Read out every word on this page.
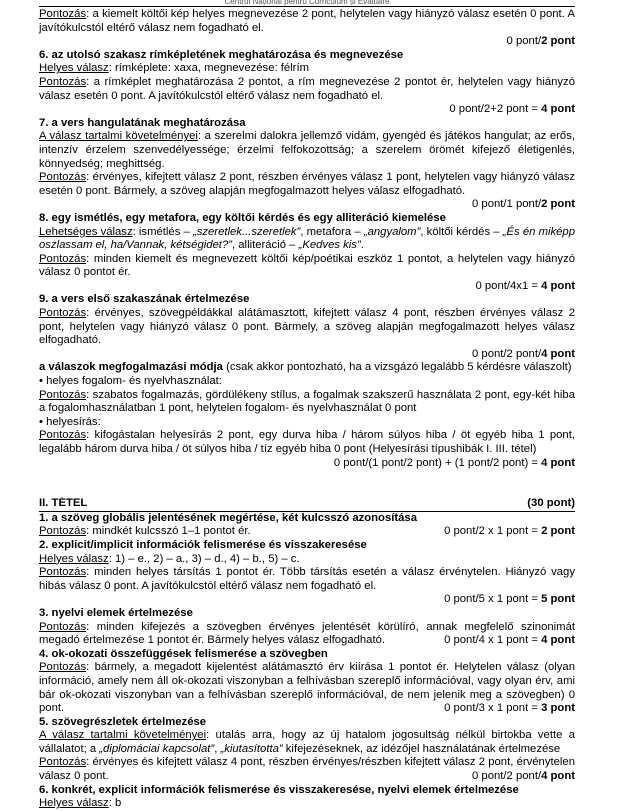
Centrul Național pentru Curriculum și Evaluare

Pontozás: a kiemelt költői kép helyes megnevezése 2 pont, helytelen vagy hiányzó válasz esetén 0 pont. A javítókulcstól eltérő válasz nem fogadható el.

0 pont/2 pont

6. az utolsó szakasz rímképletének meghatározása és megnevezése

Helyes válasz: rímképlete: xaxa, megnevezése: félrím

Pontozás: a rímképlet meghatározása 2 pontot, a rím megnevezése 2 pontot ér, helytelen vagy hiányzó válasz esetén 0 pont. A javítókulcstól eltérő válasz nem fogadható el.

0 pont/2+2 pont = 4 pont

7. a vers hangulatának meghatározása

A válasz tartalmi követelményei: a szerelmi dalokra jellemző vidám, gyengéd és játékos hangulat; az erős, intenzív érzelem szenvedélyessége; érzelmi felfokozottság; a szerelem örömét kifejező életigenlés, könnyedség; meghittség.

Pontozás: érvényes, kifejtett válasz 2 pont, részben érvényes válasz 1 pont, helytelen vagy hiányzó válasz esetén 0 pont. Bármely, a szöveg alapján megfogalmazott helyes válasz elfogadható.

0 pont/1 pont/2 pont

8. egy ismétlés, egy metafora, egy költői kérdés és egy alliteráció kiemelése

Lehetséges válasz: ismétlés – „szeretlek...szeretlek”, metafora – „angyalom”, költői kérdés – „És én miképp oszlassam el, ha/Vannak, kétségidet?”, alliteráció – „Kedves kis”.

Pontozás: minden kiemelt és megnevezett költői kép/poétikai eszköz 1 pontot, a helytelen vagy hiányzó válasz 0 pontot ér.

0 pont/4x1 = 4 pont

9. a vers első szakaszának értelmezése

Pontozás: érvényes, szövegpéldákkal alátámasztott, kifejtett válasz 4 pont, részben érvényes válasz 2 pont, helytelen vagy hiányzó válasz 0 pont. Bármely, a szöveg alapján megfogalmazott helyes válasz elfogadható.

0 pont/2 pont/4 pont

a válaszok megfogalmazási módja (csak akkor pontozható, ha a vizsgázó legalább 5 kérdésre válaszolt)

• helyes fogalom- és nyelvhasználat:

Pontozás: szabatos fogalmazás, gördülékeny stílus, a fogalmak szakszerű használata 2 pont, egy-két hiba a fogalomhasználatban 1 pont, helytelen fogalom- és nyelvhasználat 0 pont

• helyesírás:

Pontozás: kifogástalan helyesírás 2 pont, egy durva hiba / három súlyos hiba / öt egyéb hiba 1 pont, legalább három durva hiba / öt súlyos hiba / tíz egyéb hiba 0 pont (Helyesírási típushibák I. III. tétel)

0 pont/(1 pont/2 pont) + (1 pont/2 pont) = 4 pont

II. TÉTEL	(30 pont)

1. a szöveg globális jelentésének megértése, két kulcsszó azonosítása

Pontozás: mindkét kulcsszó 1–1 pontot ér.	0 pont/2 x 1 pont = 2 pont

2. explicit/implicit információk felismerése és visszakeresése

Helyes válasz: 1) – e., 2) – a., 3) – d., 4) – b., 5) – c.

Pontozás: minden helyes társítás 1 pontot ér. Több társítás esetén a válasz érvénytelen. Hiányzó vagy hibás válasz 0 pont. A javítókulcstól eltérő válasz nem fogadható el.

0 pont/5 x 1 pont = 5 pont

3. nyelvi elemek értelmezése

Pontozás: minden kifejezés a szövegben érvényes jelentését körülíró, annak megfelelő szinonimát megadó értelmezése 1 pontot ér. Bármely helyes válasz elfogadható.	0 pont/4 x 1 pont = 4 pont

4. ok-okozati összefüggések felismerése a szövegben

Pontozás: bármely, a megadott kijelentést alátámasztó érv kiírása 1 pontot ér. Helytelen válasz (olyan információ, amely nem áll ok-okozati viszonyban a felhívásban szereplő információval, vagy olyan érv, ami bár ok-okozati viszonyban van a felhívásban szereplő információval, de nem jelenik meg a szövegben) 0 pont.	0 pont/3 x 1 pont = 3 pont

5. szövegrészletek értelmezése

A válasz tartalmi követelményei: utalás arra, hogy az új hatalom jogosultság nélkül birtokba vette a vállalatot; a „diplomáciai kapcsolat”, „kiutasította” kifejezéseknek, az idézőjel használatának értelmezése

Pontozás: érvényes és kifejtett válasz 4 pont, részben érvényes/részben kifejtett válasz 2 pont, érvénytelen válasz 0 pont.	0 pont/2 pont/4 pont

6. konkrét, explicit információk felismerése és visszakeresése, nyelvi elemek értelmezése

Helyes válasz: b
